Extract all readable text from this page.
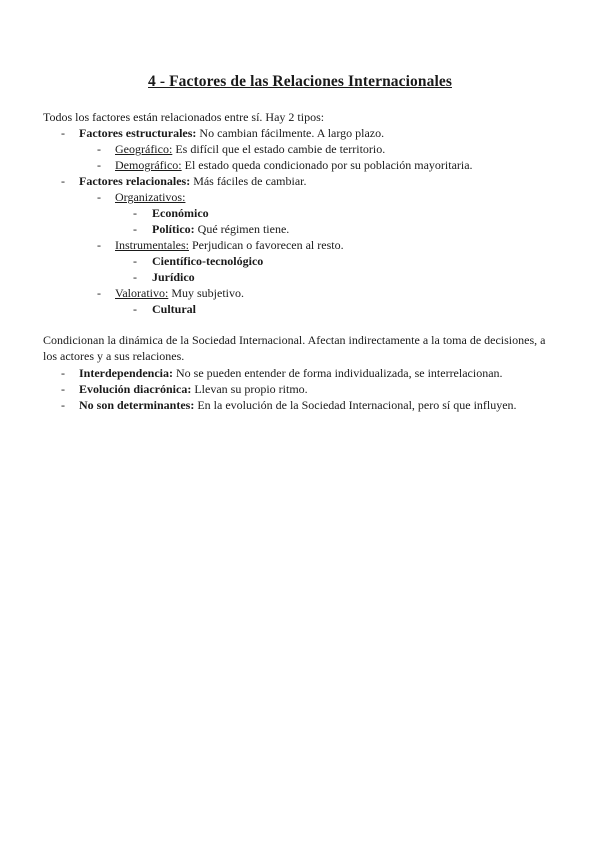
4 - Factores de las Relaciones Internacionales
Todos los factores están relacionados entre sí. Hay 2 tipos:
- Factores estructurales: No cambian fácilmente. A largo plazo.
- Geográfico: Es difícil que el estado cambie de territorio.
- Demográfico: El estado queda condicionado por su población mayoritaria.
- Factores relacionales: Más fáciles de cambiar.
- Organizativos:
- Económico
- Político: Qué régimen tiene.
- Instrumentales: Perjudican o favorecen al resto.
- Científico-tecnológico
- Jurídico
- Valorativo: Muy subjetivo.
- Cultural
Condicionan la dinámica de la Sociedad Internacional. Afectan indirectamente a la toma de decisiones, a los actores y a sus relaciones.
- Interdependencia: No se pueden entender de forma individualizada, se interrelacionan.
- Evolución diacrónica: Llevan su propio ritmo.
- No son determinantes: En la evolución de la Sociedad Internacional, pero sí que influyen.
